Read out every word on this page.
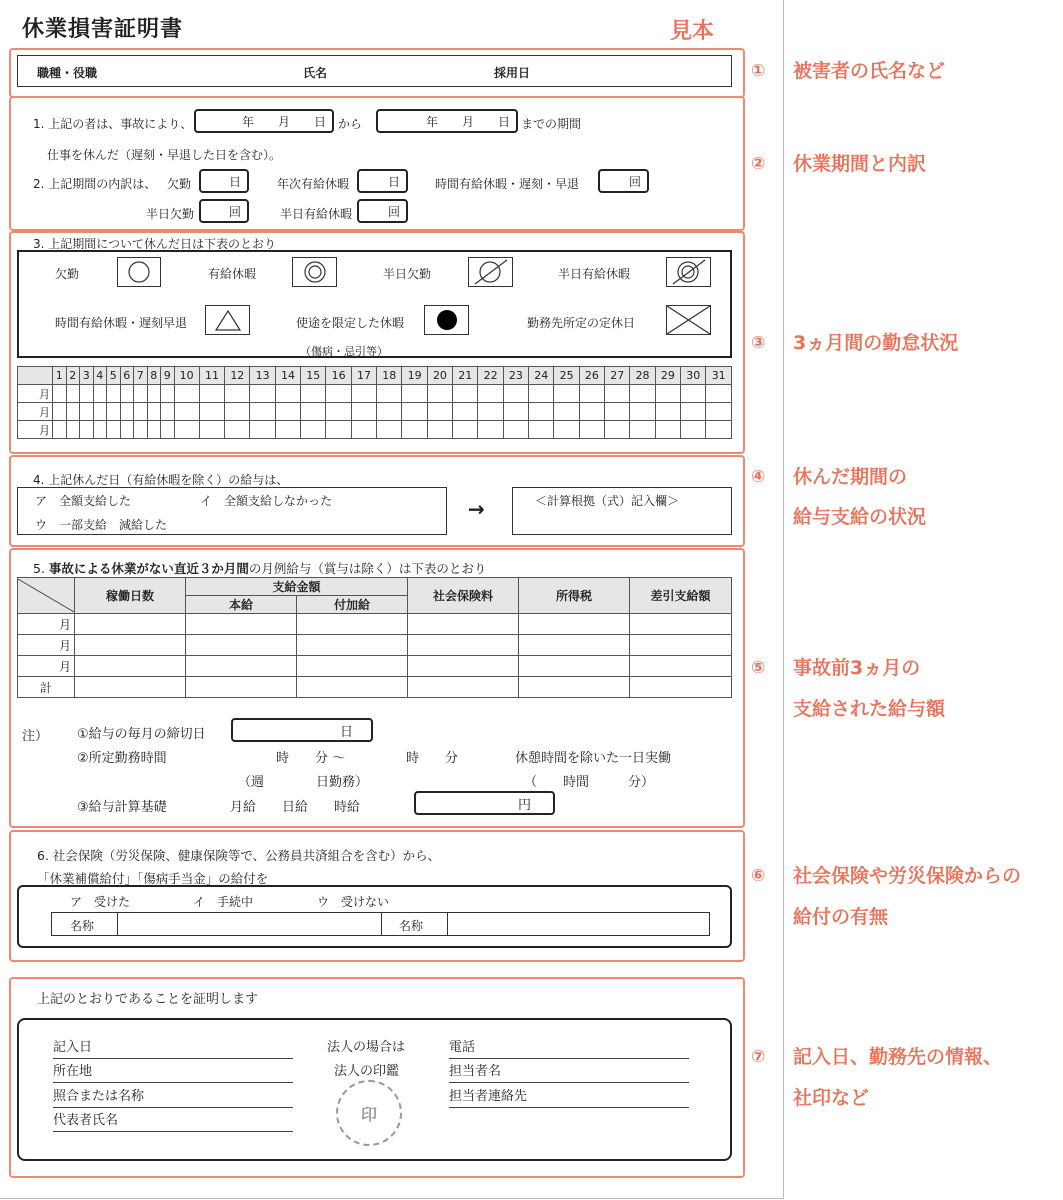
休業損害証明書	見本
職種・役職	氏名	採用日
1. 上記の者は、事故により、	年　　月　　日	から	年　　月　　日 までの期間
仕事を休んだ（遅刻・早退した日を含む）。
2. 上記期間の内訳は、 欠勤	日	年次有給休暇	日	時間有給休暇・遅刻・早退	回
半日欠勤	回	半日有給休暇	回
3. 上記期間について休んだ日は下表のとおり
欠勤	有給休暇	半日欠勤	半日有給休暇
時間有給休暇・遅刻早退	使途を限定した休暇
（傷病・忌引等）
勤務先所定の定休日
	1	2	3	4	5	6	7	8	9	10	11	12	13	14	15	16	17	18	19	20	21	22	23	24	25	26	27	28	29	30	31
月																															
月																															
月																															
4. 上記休んだ日（有給休暇を除く）の給与は、
ア　全額支給した	イ　全額支給しなかった
ウ　一部支給　減給した
→	＜計算根拠（式）記入欄＞
5. 事故による休業がない直近３か月間の月例給与（賞与は除く）は下表のとおり
	稼働日数	支給金額		社会保険料	所得税	差引支給額
		本給	付加給			
月						
月						
月						
計						
注） ①給与の毎月の締切日	日
②所定勤務時間	時　　分 〜	時　　分	休憩時間を除いた一日実働
（週　　　　日勤務）	（　　時間　　　分）
③給与計算基礎	月給　　日給　　時給	円
6. 社会保険（労災保険、健康保険等で、公務員共済組合を含む）から、
「休業補償給付」「傷病手当金」の給付を
ア　受けた	イ　手続中	ウ　受けない
名称	名称
上記のとおりであることを証明します
記入日
所在地
照合または名称
代表者氏名
法人の場合は
法人の印鑑
印
電話
担当者名
担当者連絡先
① 被害者の氏名など
② 休業期間と内訳
③ 3ヵ月間の勤怠状況
④ 休んだ期間の
給与支給の状況
⑤ 事故前3ヵ月の
支給された給与額
⑥ 社会保険や労災保険からの
給付の有無
⑦ 記入日、勤務先の情報、
社印など
